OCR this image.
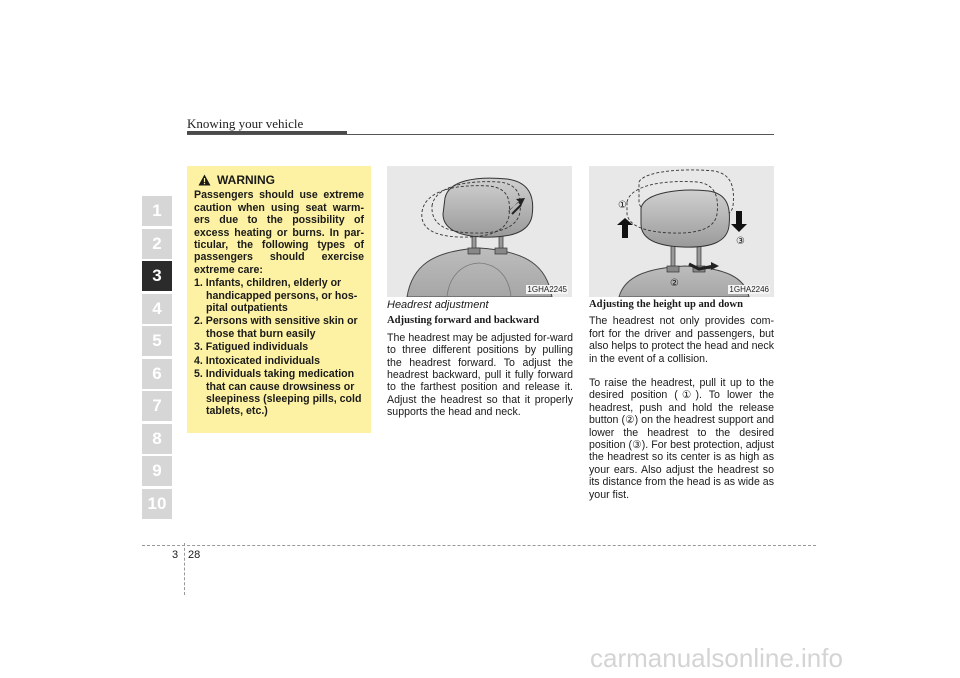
Knowing your vehicle
1
2
3
4
5
6
7
8
9
10
WARNING
Passengers should use extreme caution when using seat warm-ers due to the possibility of excess heating or burns. In par-ticular, the following types of passengers should exercise extreme care:
1. Infants, children, elderly or handicapped persons, or hos-pital outpatients
2. Persons with sensitive skin or those that burn easily
3. Fatigued individuals
4. Intoxicated individuals
5. Individuals taking medication that can cause drowsiness or sleepiness (sleeping pills, cold tablets, etc.)
1GHA2245
①
②
③
1GHA2246
Headrest adjustment
Adjusting forward and backward

The headrest may be adjusted for-ward to three different positions by pulling the headrest forward. To adjust the headrest backward, pull it fully forward to the farthest position and release it. Adjust the headrest so that it properly supports the head and neck.

Adjusting the height up and down

The headrest not only provides com-fort for the driver and passengers, but also helps to protect the head and neck in the event of a collision.

To raise the headrest, pull it up to the desired position (①). To lower the headrest, push and hold the release button (②) on the headrest support and lower the headrest to the desired position (③). For best protection, adjust the headrest so its center is as high as your ears. Also adjust the headrest so its distance from the head is as wide as your fist.

3 28
carmanualsonline.info
